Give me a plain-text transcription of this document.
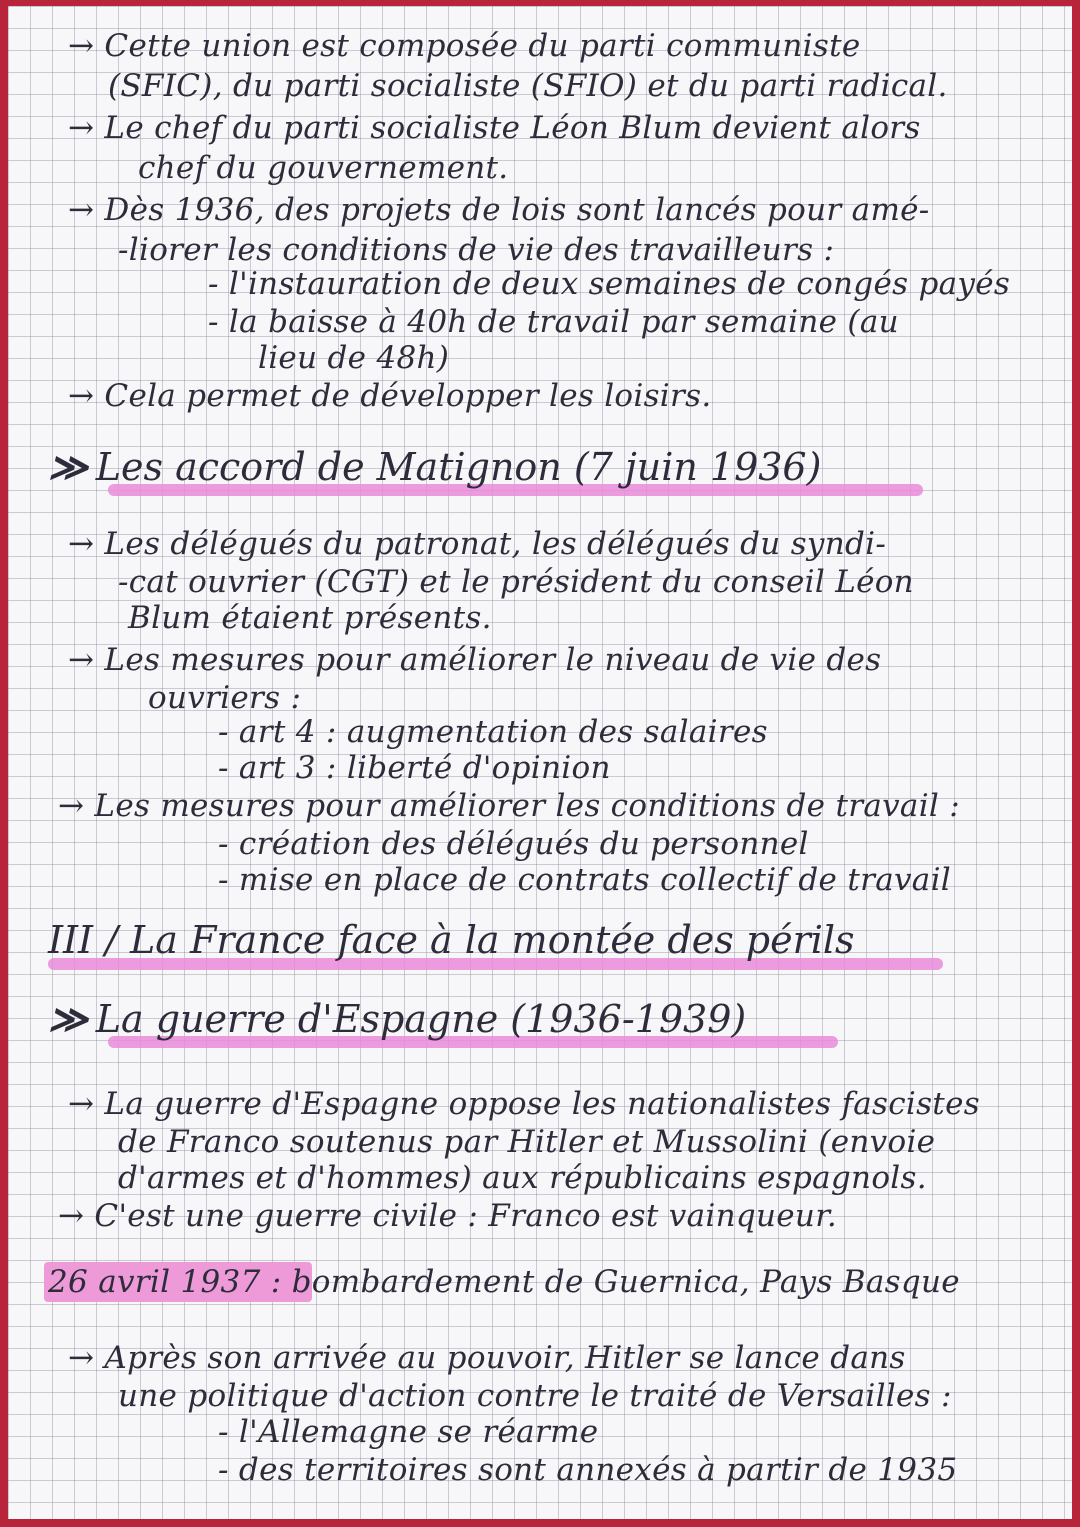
→ Cette union est composée du parti communiste
(SFIC), du parti socialiste (SFIO) et du parti radical.
→ Le chef du parti socialiste Léon Blum devient alors
chef du gouvernement.
→ Dès 1936, des projets de lois sont lancés pour amé-
-liorer les conditions de vie des travailleurs :
- l'instauration de deux semaines de congés payés
- la baisse à 40h de travail par semaine (au
lieu de 48h)
→ Cela permet de développer les loisirs.
≫ Les accord de Matignon (7 juin 1936)
→ Les délégués du patronat, les délégués du syndi-
-cat ouvrier (CGT) et le président du conseil Léon
Blum étaient présents.
→ Les mesures pour améliorer le niveau de vie des
ouvriers :
- art 4 : augmentation des salaires
- art 3 : liberté d'opinion
→ Les mesures pour améliorer les conditions de travail :
- création des délégués du personnel
- mise en place de contrats collectif de travail
III / La France face à la montée des périls
≫ La guerre d'Espagne (1936-1939)
→ La guerre d'Espagne oppose les nationalistes fascistes
de Franco soutenus par Hitler et Mussolini (envoie
d'armes et d'hommes) aux républicains espagnols.
→ C'est une guerre civile : Franco est vainqueur.
26 avril 1937 : bombardement de Guernica, Pays Basque
→ Après son arrivée au pouvoir, Hitler se lance dans
une politique d'action contre le traité de Versailles :
- l'Allemagne se réarme
- des territoires sont annexés à partir de 1935
